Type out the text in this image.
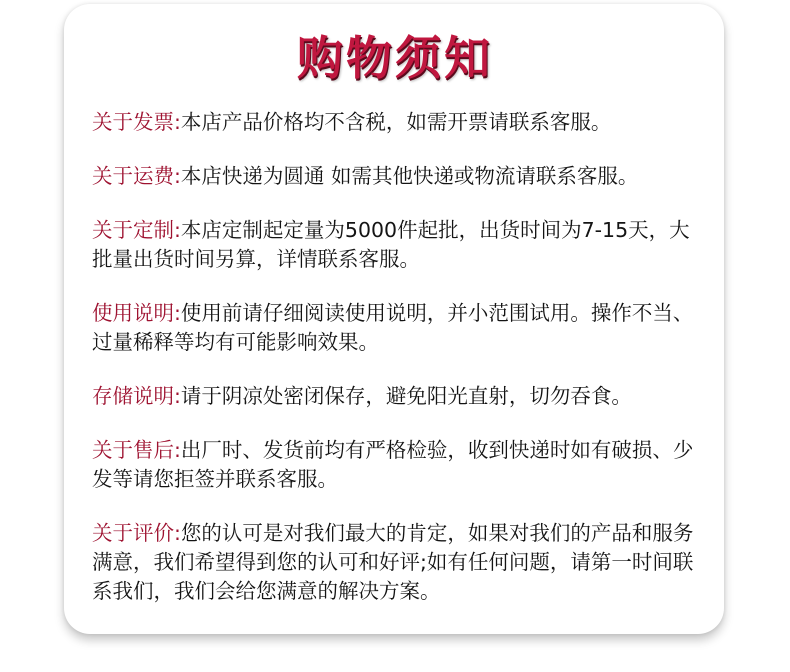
购物须知
关于发票:本店产品价格均不含税，如需开票请联系客服。
关于运费:本店快递为圆通 如需其他快递或物流请联系客服。
关于定制:本店定制起定量为5000件起批，出货时间为7-15天，大批量出货时间另算，详情联系客服。
使用说明:使用前请仔细阅读使用说明，并小范围试用。操作不当、过量稀释等均有可能影响效果。
存储说明:请于阴凉处密闭保存，避免阳光直射，切勿吞食。
关于售后:出厂时、发货前均有严格检验，收到快递时如有破损、少发等请您拒签并联系客服。
关于评价:您的认可是对我们最大的肯定，如果对我们的产品和服务满意，我们希望得到您的认可和好评;如有任何问题，请第一时间联系我们，我们会给您满意的解决方案。
